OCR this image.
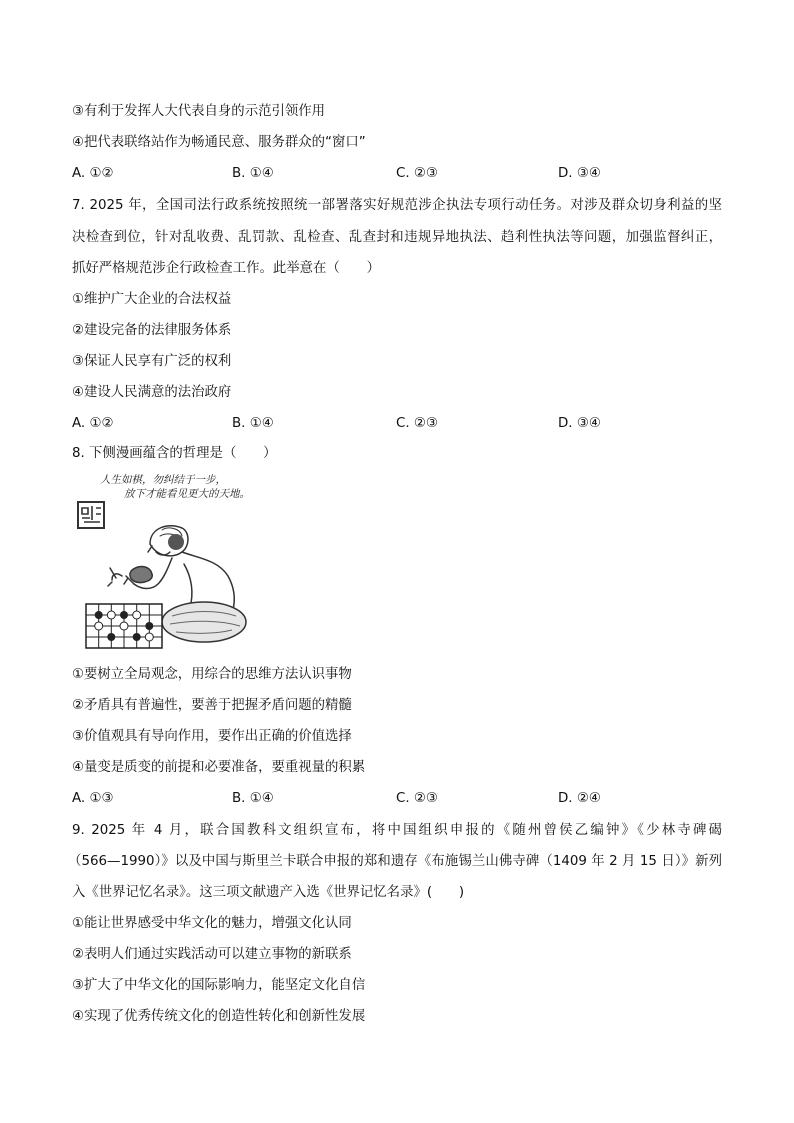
③有利于发挥人大代表自身的示范引领作用
④把代表联络站作为畅通民意、服务群众的“窗口”
A. ①②	B. ①④	C. ②③	D. ③④
7. 2025 年，全国司法行政系统按照统一部署落实好规范涉企执法专项行动任务。对涉及群众切身利益的坚
决检查到位，针对乱收费、乱罚款、乱检查、乱查封和违规异地执法、趋利性执法等问题，加强监督纠正，
抓好严格规范涉企行政检查工作。此举意在（　　）
①维护广大企业的合法权益
②建设完备的法律服务体系
③保证人民享有广泛的权利
④建设人民满意的法治政府
A. ①②	B. ①④	C. ②③	D. ③④
8. 下侧漫画蕴含的哲理是（　　）
人生如棋，勿纠结于一步，
放下才能看见更大的天地。
①要树立全局观念，用综合的思维方法认识事物
②矛盾具有普遍性，要善于把握矛盾问题的精髓
③价值观具有导向作用，要作出正确的价值选择
④量变是质变的前提和必要准备，要重视量的积累
A. ①③	B. ①④	C. ②③	D. ②④
9. 2025 年 4 月，联合国教科文组织宣布，将中国组织申报的《随州曾侯乙编钟》《少林寺碑碣
（566—1990）》以及中国与斯里兰卡联合申报的郑和遗存《布施锡兰山佛寺碑（1409 年 2 月 15 日）》新列
入《世界记忆名录》。这三项文献遗产入选《世界记忆名录》(　　)
①能让世界感受中华文化的魅力，增强文化认同
②表明人们通过实践活动可以建立事物的新联系
③扩大了中华文化的国际影响力，能坚定文化自信
④实现了优秀传统文化的创造性转化和创新性发展
